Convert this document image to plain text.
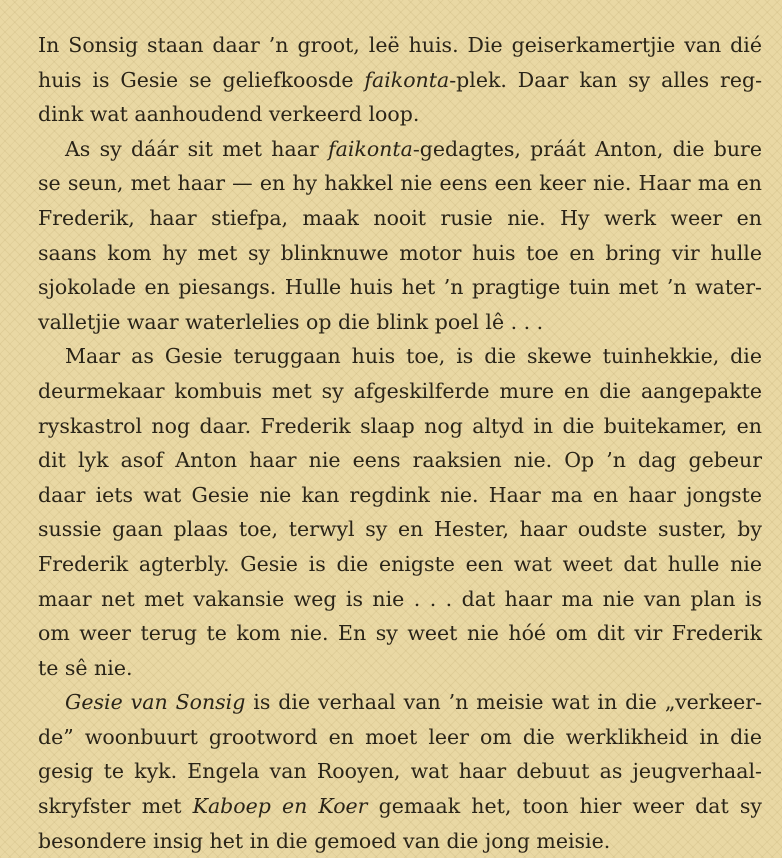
In Sonsig staan daar ’n groot, leë huis. Die geiserkamertjie van dié
huis is Gesie se geliefkoosde faikonta-plek. Daar kan sy alles reg-
dink wat aanhoudend verkeerd loop.

As sy dáár sit met haar faikonta-gedagtes, práát Anton, die bure
se seun, met haar — en hy hakkel nie eens een keer nie. Haar ma en
Frederik, haar stiefpa, maak nooit rusie nie. Hy werk weer en
saans kom hy met sy blinknuwe motor huis toe en bring vir hulle
sjokolade en piesangs. Hulle huis het ’n pragtige tuin met ’n water-
valletjie waar waterlelies op die blink poel lê . . .

Maar as Gesie teruggaan huis toe, is die skewe tuinhekkie, die
deurmekaar kombuis met sy afgeskilferde mure en die aangepakte
ryskastrol nog daar. Frederik slaap nog altyd in die buitekamer, en
dit lyk asof Anton haar nie eens raaksien nie. Op ’n dag gebeur
daar iets wat Gesie nie kan regdink nie. Haar ma en haar jongste
sussie gaan plaas toe, terwyl sy en Hester, haar oudste suster, by
Frederik agterbly. Gesie is die enigste een wat weet dat hulle nie
maar net met vakansie weg is nie . . . dat haar ma nie van plan is
om weer terug te kom nie. En sy weet nie hóé om dit vir Frederik
te sê nie.

Gesie van Sonsig is die verhaal van ’n meisie wat in die „verkeer-
de” woonbuurt grootword en moet leer om die werklikheid in die
gesig te kyk. Engela van Rooyen, wat haar debuut as jeugverhaal-
skryfster met Kaboep en Koer gemaak het, toon hier weer dat sy
besondere insig het in die gemoed van die jong meisie.
